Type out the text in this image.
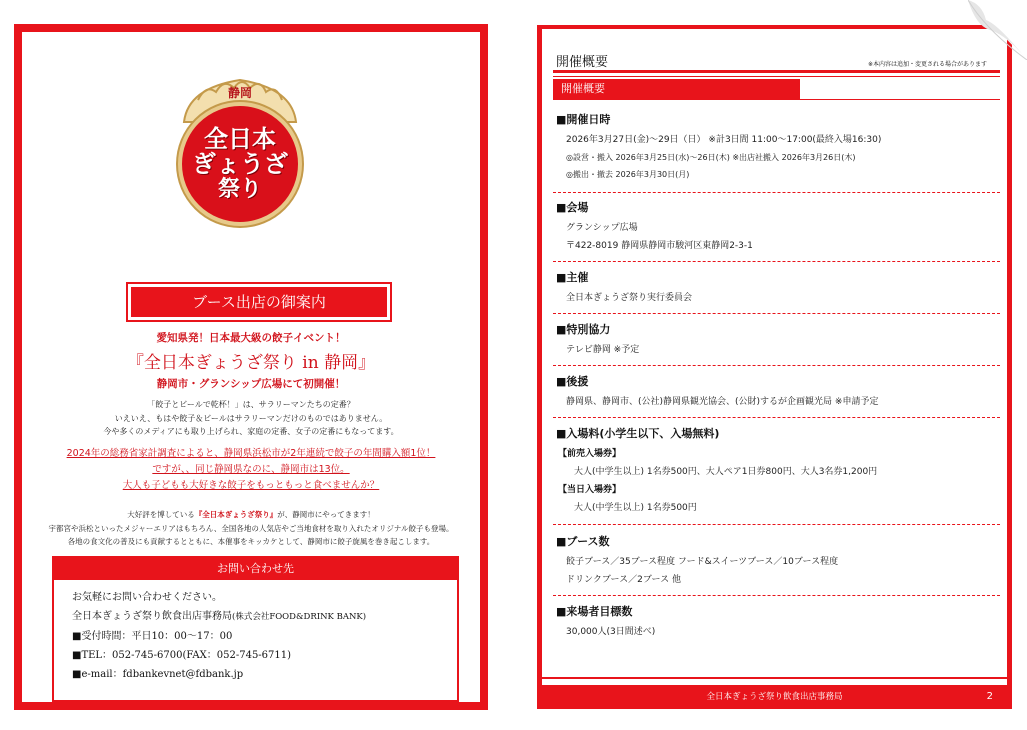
静岡
全日本
ぎょうざ
祭り
ブース出店の御案内
愛知県発！日本最大級の餃子イベント！
『全日本ぎょうざ祭り in 静岡』
静岡市・グランシップ広場にて初開催！
「餃子とビールで乾杯！」は、サラリーマンたちの定番？
いえいえ、もはや餃子＆ビールはサラリーマンだけのものではありません。
今や多くのメディアにも取り上げられ、家庭の定番、女子の定番にもなってます。
2024年の総務省家計調査によると、静岡県浜松市が2年連続で餃子の年間購入額1位！
ですが、、同じ静岡県なのに、静岡市は13位。
大人も子どもも大好きな餃子をもっともっと食べませんか？
大好評を博している『全日本ぎょうざ祭り』が、静岡市にやってきます！
宇都宮や浜松といったメジャーエリアはもちろん、全国各地の人気店やご当地食材を取り入れたオリジナル餃子も登場。
各地の食文化の普及にも貢献するとともに、本催事をキッカケとして、静岡市に餃子旋風を巻き起こします。
お問い合わせ先
お気軽にお問い合わせください。
全日本ぎょうざ祭り飲食出店事務局(株式会社FOOD&DRINK BANK)
■受付時間：平日10：00～17：00
■TEL：052-745-6700(FAX：052-745-6711)
■e-mail：fdbankevnet@fdbank.jp
開催概要	※本内容は追加・変更される場合があります
開催概要
■開催日時
2026年3月27日(金)～29日（日） ※計3日間 11:00～17:00(最終入場16:30)
◎設営・搬入 2026年3月25日(水)～26日(木) ※出店社搬入 2026年3月26日(木)
◎搬出・撤去 2026年3月30日(月)
■会場
グランシップ広場
〒422-8019 静岡県静岡市駿河区東静岡2-3-1
■主催
全日本ぎょうざ祭り実行委員会
■特別協力
テレビ静岡 ※予定
■後援
静岡県、静岡市、(公社)静岡県観光協会、(公財)するが企画観光局 ※申請予定
■入場料(小学生以下、入場無料)
【前売入場券】
大人(中学生以上) 1名券500円、大人ペア1日券800円、大人3名券1,200円
【当日入場券】
大人(中学生以上) 1名券500円
■ブース数
餃子ブース／35ブース程度 フード&スイーツブース／10ブース程度
ドリンクブース／2ブース 他
■来場者目標数
30,000人(3日間述べ)
全日本ぎょうざ祭り飲食出店事務局	2
